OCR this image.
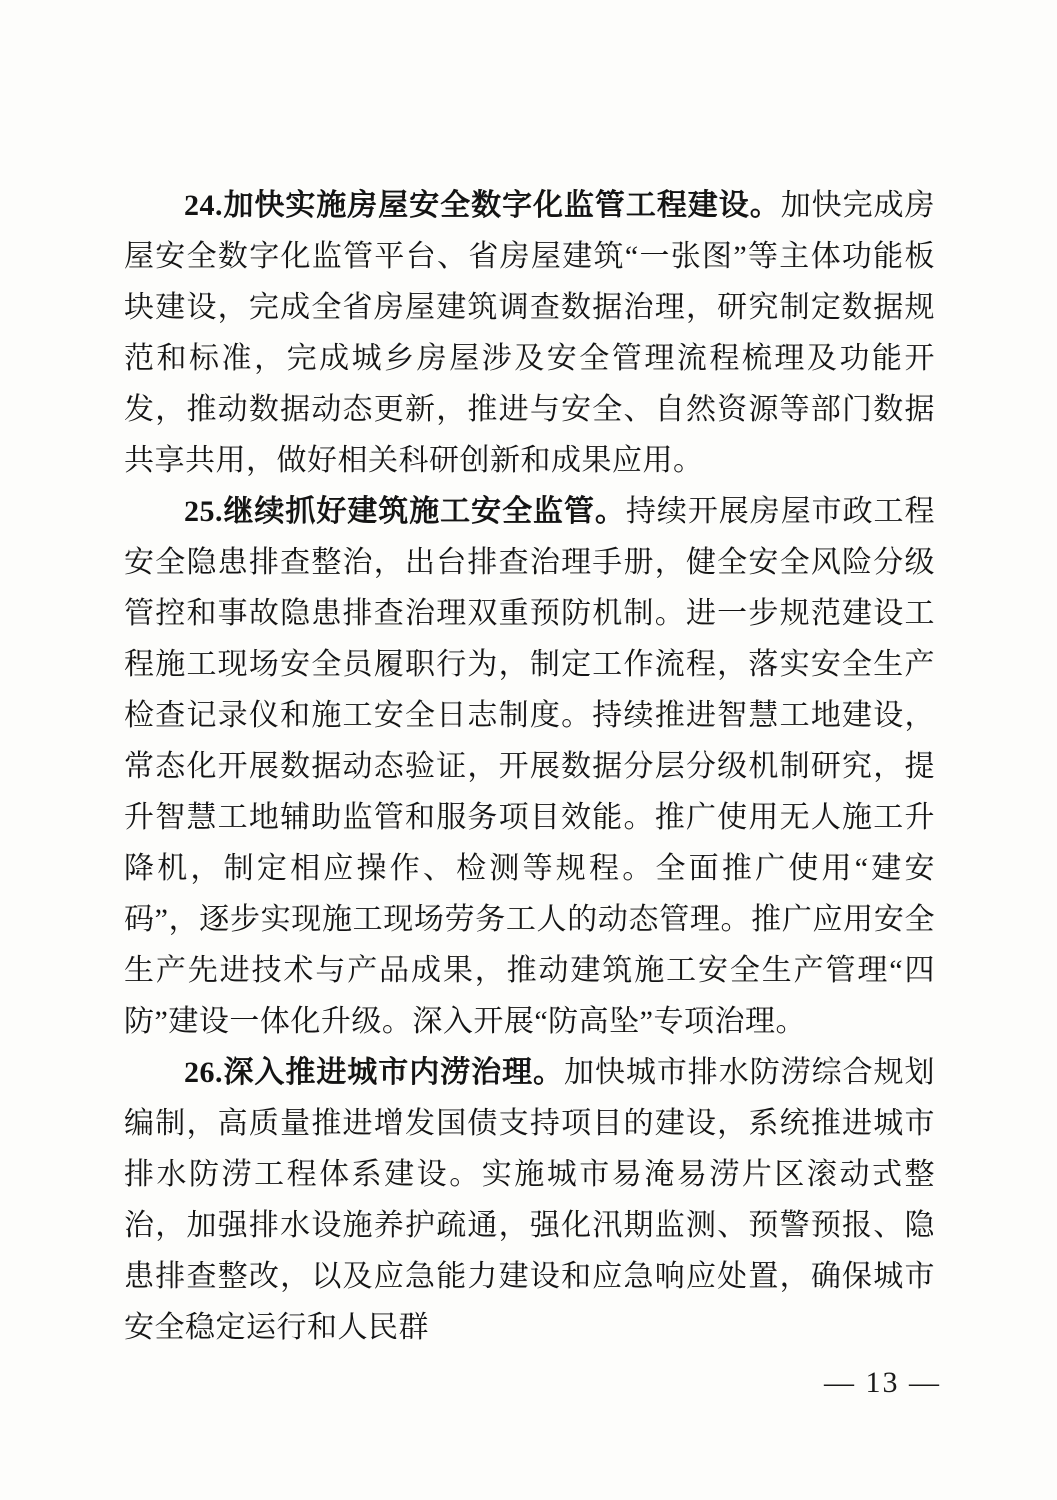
24.加快实施房屋安全数字化监管工程建设。加快完成房屋安全数字化监管平台、省房屋建筑“一张图”等主体功能板块建设，完成全省房屋建筑调查数据治理，研究制定数据规范和标准，完成城乡房屋涉及安全管理流程梳理及功能开发，推动数据动态更新，推进与安全、自然资源等部门数据共享共用，做好相关科研创新和成果应用。

25.继续抓好建筑施工安全监管。持续开展房屋市政工程安全隐患排查整治，出台排查治理手册，健全安全风险分级管控和事故隐患排查治理双重预防机制。进一步规范建设工程施工现场安全员履职行为，制定工作流程，落实安全生产检查记录仪和施工安全日志制度。持续推进智慧工地建设，常态化开展数据动态验证，开展数据分层分级机制研究，提升智慧工地辅助监管和服务项目效能。推广使用无人施工升降机，制定相应操作、检测等规程。全面推广使用“建安码”，逐步实现施工现场劳务工人的动态管理。推广应用安全生产先进技术与产品成果，推动建筑施工安全生产管理“四防”建设一体化升级。深入开展“防高坠”专项治理。

26.深入推进城市内涝治理。加快城市排水防涝综合规划编制，高质量推进增发国债支持项目的建设，系统推进城市排水防涝工程体系建设。实施城市易淹易涝片区滚动式整治，加强排水设施养护疏通，强化汛期监测、预警预报、隐患排查整改，以及应急能力建设和应急响应处置，确保城市安全稳定运行和人民群

— 13 —
